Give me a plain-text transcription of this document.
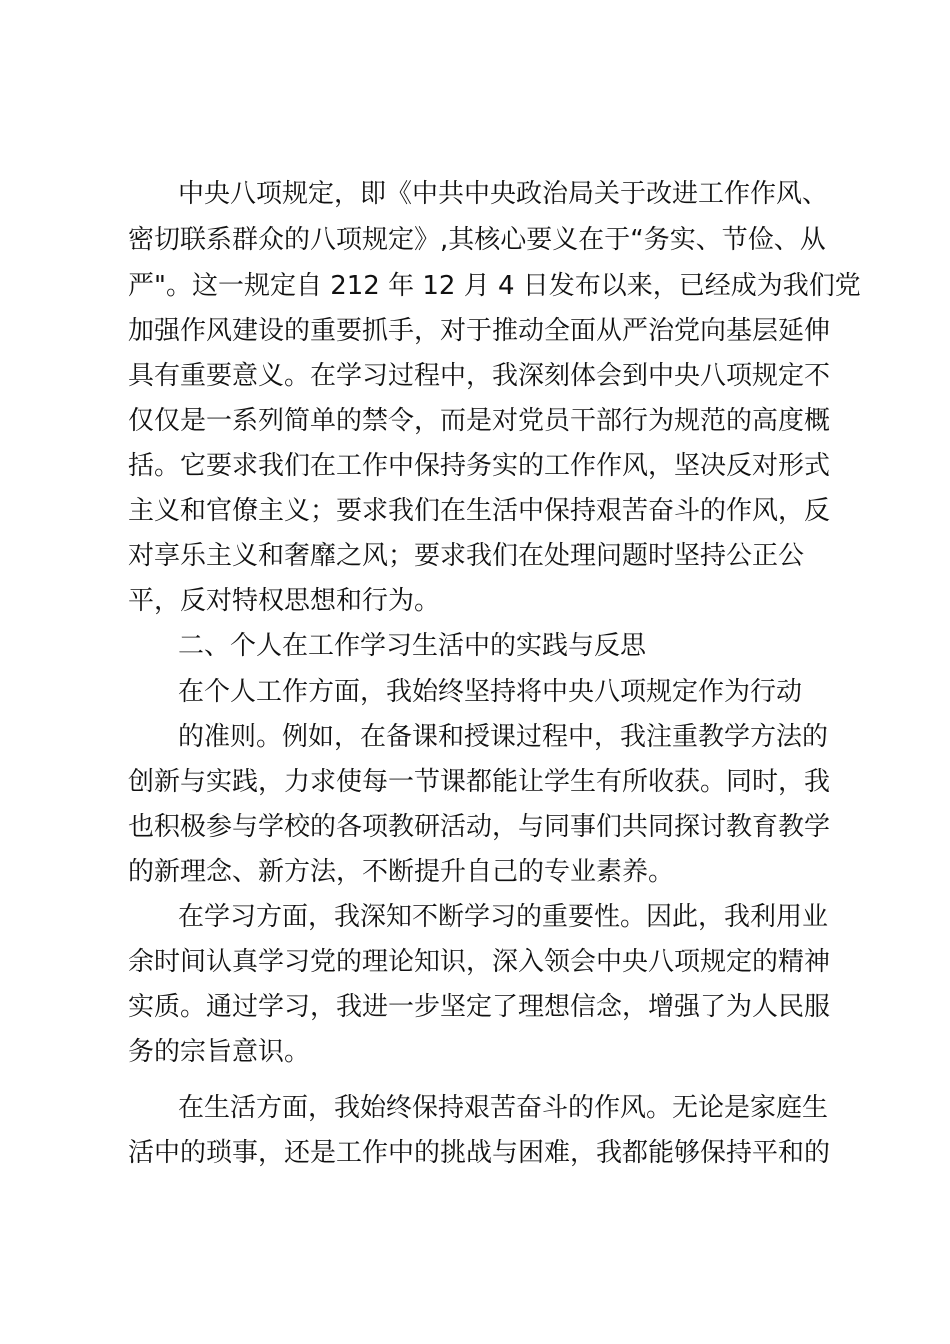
中央八项规定，即《中共中央政治局关于改进工作作风、
密切联系群众的八项规定》,其核心要义在于“务实、节俭、从
严"。这一规定自 212 年 12 月 4 日发布以来，已经成为我们党
加强作风建设的重要抓手，对于推动全面从严治党向基层延伸
具有重要意义。在学习过程中，我深刻体会到中央八项规定不
仅仅是一系列简单的禁令，而是对党员干部行为规范的高度概
括。它要求我们在工作中保持务实的工作作风，坚决反对形式
主义和官僚主义；要求我们在生活中保持艰苦奋斗的作风，反
对享乐主义和奢靡之风；要求我们在处理问题时坚持公正公
平，反对特权思想和行为。
二、个人在工作学习生活中的实践与反思
在个人工作方面，我始终坚持将中央八项规定作为行动
的准则。例如，在备课和授课过程中，我注重教学方法的
创新与实践，力求使每一节课都能让学生有所收获。同时，我
也积极参与学校的各项教研活动，与同事们共同探讨教育教学
的新理念、新方法，不断提升自己的专业素养。
在学习方面，我深知不断学习的重要性。因此，我利用业
余时间认真学习党的理论知识，深入领会中央八项规定的精神
实质。通过学习，我进一步坚定了理想信念，增强了为人民服
务的宗旨意识。
在生活方面，我始终保持艰苦奋斗的作风。无论是家庭生
活中的琐事，还是工作中的挑战与困难，我都能够保持平和的
